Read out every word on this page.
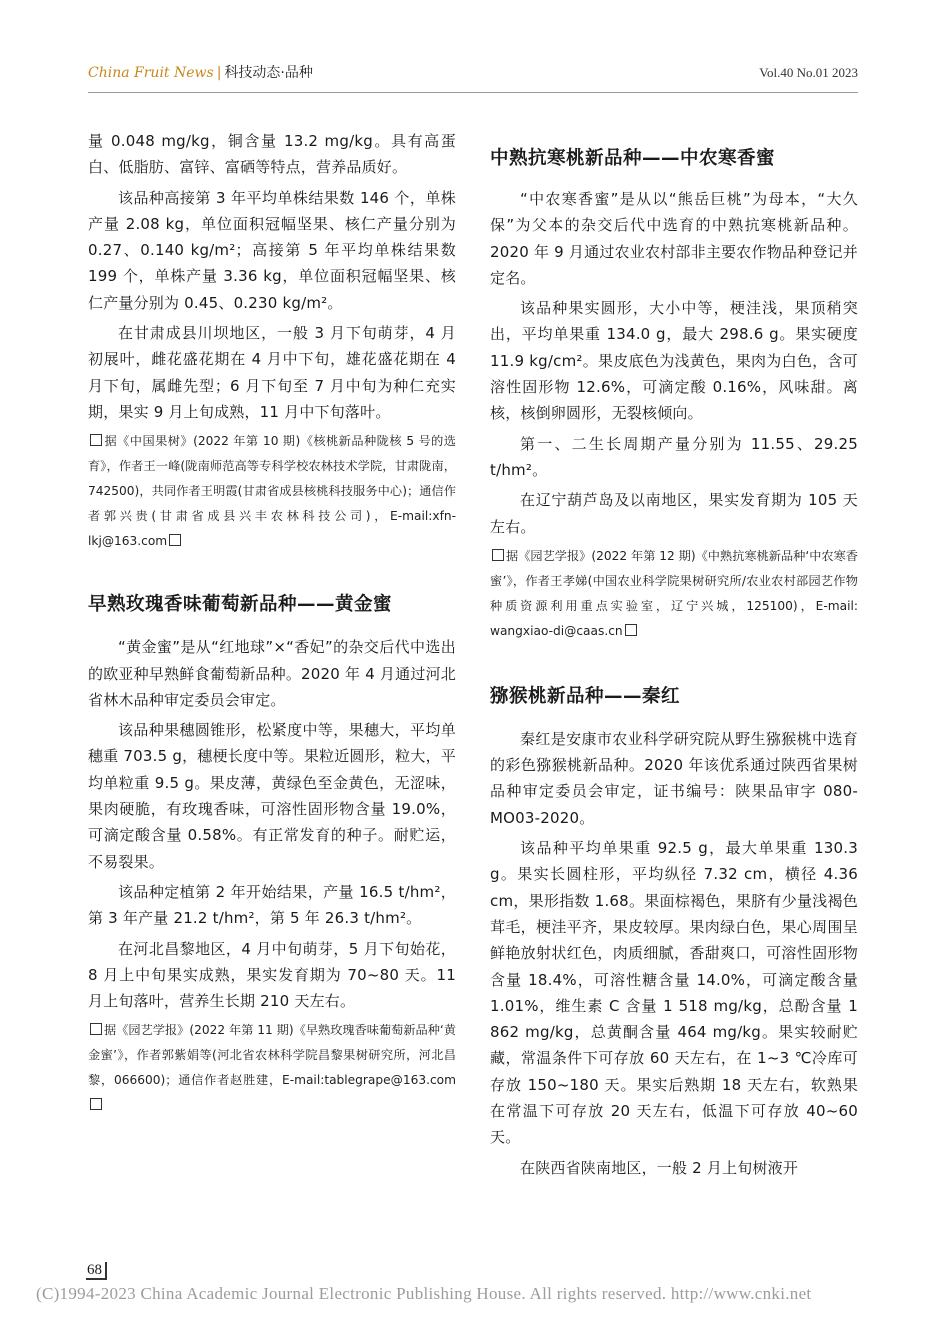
China Fruit News | 科技动态·品种	Vol.40 No.01 2023

量 0.048 mg/kg，铜含量 13.2 mg/kg。具有高蛋白、低脂肪、富锌、富硒等特点，营养品质好。

该品种高接第 3 年平均单株结果数 146 个，单株产量 2.08 kg，单位面积冠幅坚果、核仁产量分别为 0.27、0.140 kg/m²；高接第 5 年平均单株结果数 199 个，单株产量 3.36 kg，单位面积冠幅坚果、核仁产量分别为 0.45、0.230 kg/m²。

在甘肃成县川坝地区，一般 3 月下旬萌芽，4 月初展叶，雌花盛花期在 4 月中下旬，雄花盛花期在 4 月下旬，属雌先型；6 月下旬至 7 月中旬为种仁充实期，果实 9 月上旬成熟，11 月中下旬落叶。

据《中国果树》(2022 年第 10 期)《核桃新品种陇核 5 号的选育》，作者王一峰(陇南师范高等专科学校农林技术学院，甘肃陇南，742500)，共同作者王明霞(甘肃省成县核桃科技服务中心)；通信作者郭兴贵(甘肃省成县兴丰农林科技公司)，E-mail:xfn-lkj@163.com

早熟玫瑰香味葡萄新品种——黄金蜜

“黄金蜜”是从“红地球”×“香妃”的杂交后代中选出的欧亚种早熟鲜食葡萄新品种。2020 年 4 月通过河北省林木品种审定委员会审定。

该品种果穗圆锥形，松紧度中等，果穗大，平均单穗重 703.5 g，穗梗长度中等。果粒近圆形，粒大，平均单粒重 9.5 g。果皮薄，黄绿色至金黄色，无涩味，果肉硬脆，有玫瑰香味，可溶性固形物含量 19.0%，可滴定酸含量 0.58%。有正常发育的种子。耐贮运，不易裂果。

该品种定植第 2 年开始结果，产量 16.5 t/hm²，第 3 年产量 21.2 t/hm²，第 5 年 26.3 t/hm²。

在河北昌黎地区，4 月中旬萌芽，5 月下旬始花，8 月上中旬果实成熟，果实发育期为 70~80 天。11 月上旬落叶，营养生长期 210 天左右。

据《园艺学报》(2022 年第 11 期)《早熟玫瑰香味葡萄新品种‘黄金蜜’》，作者郭紫娟等(河北省农林科学院昌黎果树研究所，河北昌黎，066600)；通信作者赵胜建，E-mail:tablegrape@163.com

中熟抗寒桃新品种——中农寒香蜜

“中农寒香蜜”是从以“熊岳巨桃”为母本，“大久保”为父本的杂交后代中选育的中熟抗寒桃新品种。2020 年 9 月通过农业农村部非主要农作物品种登记并定名。

该品种果实圆形，大小中等，梗洼浅，果顶稍突出，平均单果重 134.0 g，最大 298.6 g。果实硬度 11.9 kg/cm²。果皮底色为浅黄色，果肉为白色，含可溶性固形物 12.6%，可滴定酸 0.16%，风味甜。离核，核倒卵圆形，无裂核倾向。

第一、二生长周期产量分别为 11.55、29.25 t/hm²。

在辽宁葫芦岛及以南地区，果实发育期为 105 天左右。

据《园艺学报》(2022 年第 12 期)《中熟抗寒桃新品种‘中农寒香蜜’》，作者王孝娣(中国农业科学院果树研究所/农业农村部园艺作物种质资源利用重点实验室，辽宁兴城，125100)，E-mail: wangxiao-di@caas.cn

猕猴桃新品种——秦红

秦红是安康市农业科学研究院从野生猕猴桃中选育的彩色猕猴桃新品种。2020 年该优系通过陕西省果树品种审定委员会审定，证书编号：陕果品审字 080-MO03-2020。

该品种平均单果重 92.5 g，最大单果重 130.3 g。果实长圆柱形，平均纵径 7.32 cm，横径 4.36 cm，果形指数 1.68。果面棕褐色，果脐有少量浅褐色茸毛，梗洼平齐，果皮较厚。果肉绿白色，果心周围呈鲜艳放射状红色，肉质细腻，香甜爽口，可溶性固形物含量 18.4%，可溶性糖含量 14.0%，可滴定酸含量 1.01%，维生素 C 含量 1 518 mg/kg，总酚含量 1 862 mg/kg，总黄酮含量 464 mg/kg。果实较耐贮藏，常温条件下可存放 60 天左右，在 1~3 ℃冷库可存放 150~180 天。果实后熟期 18 天左右，软熟果在常温下可存放 20 天左右，低温下可存放 40~60 天。

在陕西省陕南地区，一般 2 月上旬树液开

68
(C)1994-2023 China Academic Journal Electronic Publishing House. All rights reserved. http://www.cnki.net
